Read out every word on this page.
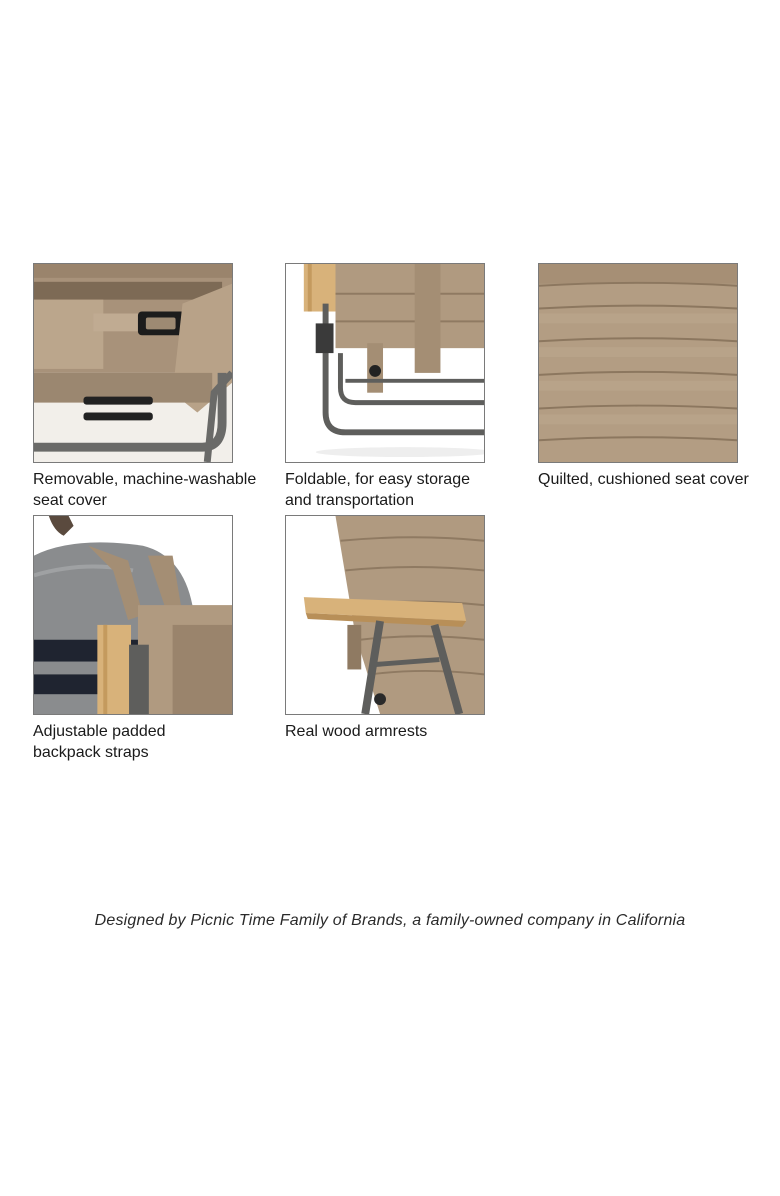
Removable, machine-washable
seat cover
Foldable, for easy storage
and transportation
Quilted, cushioned seat cover
Adjustable padded
backpack straps
Real wood armrests
Designed by Picnic Time Family of Brands, a family-owned company in California
